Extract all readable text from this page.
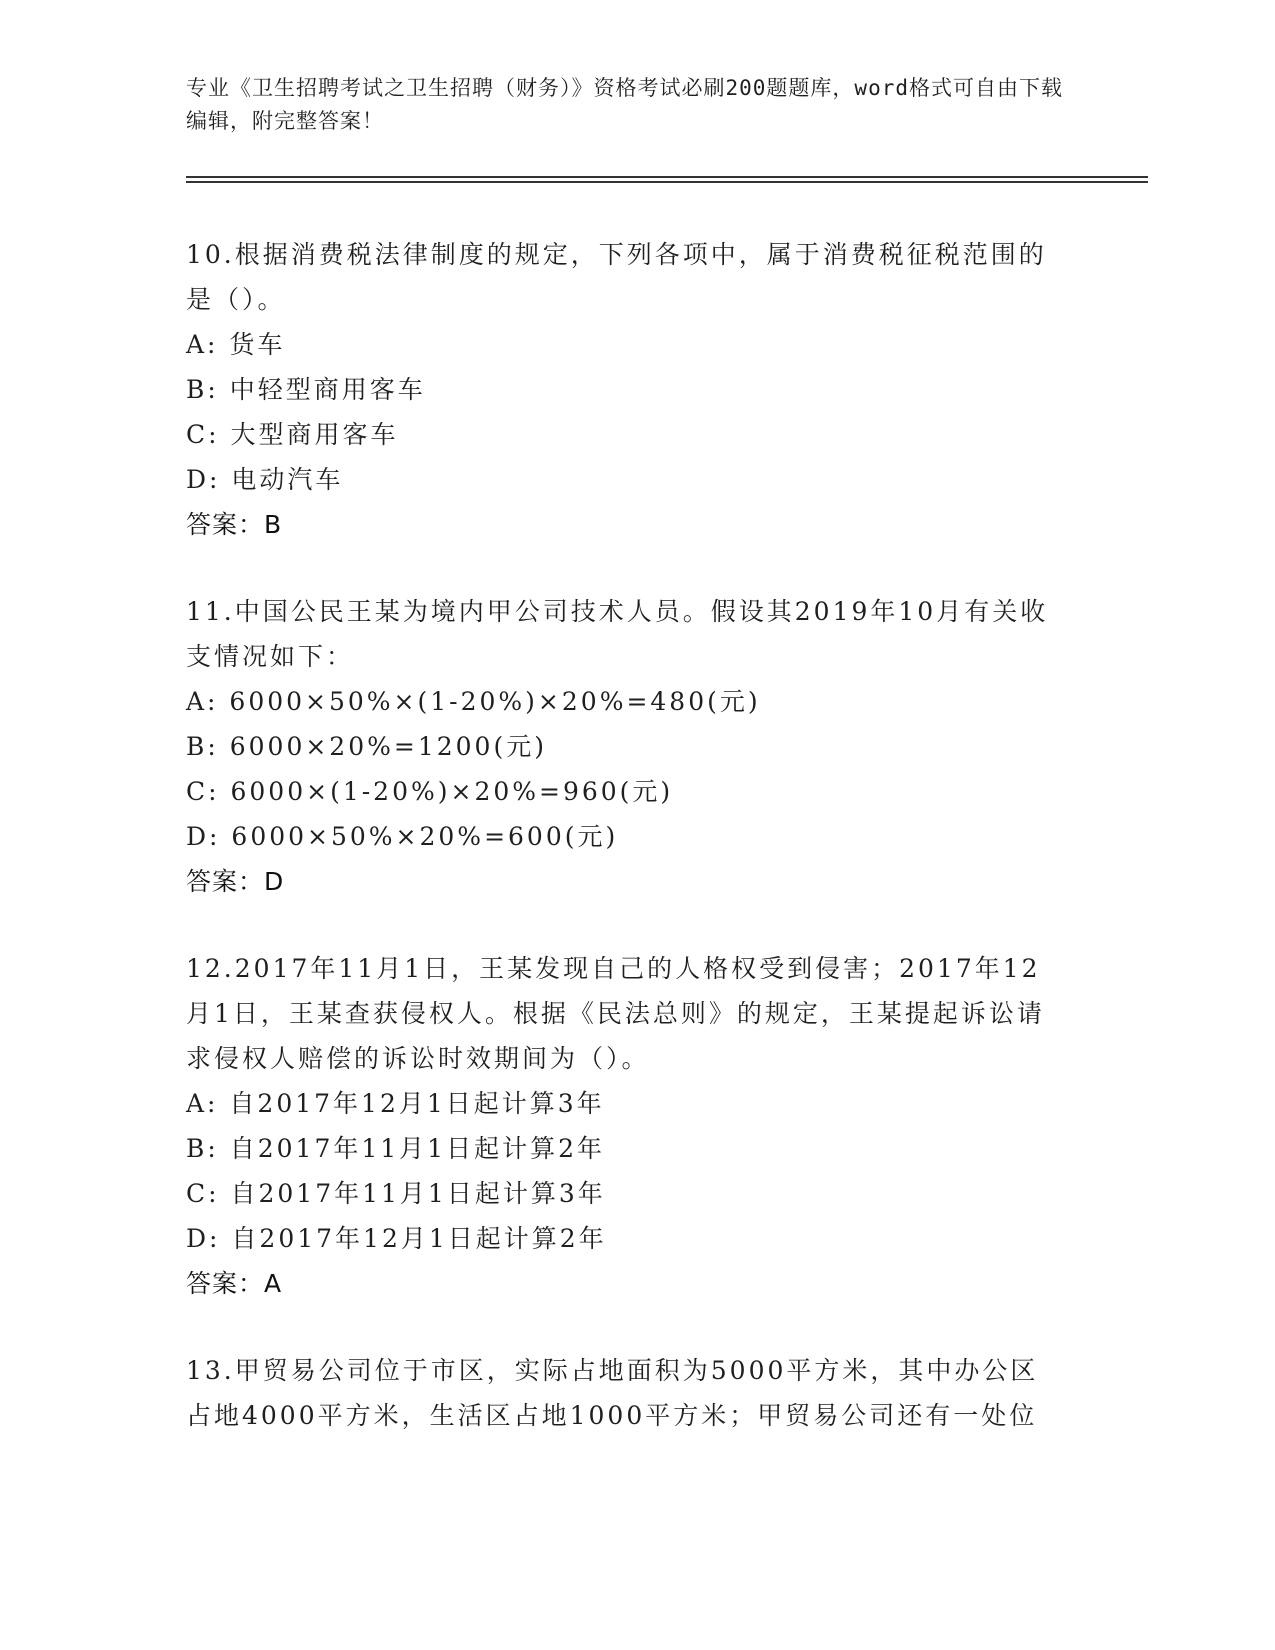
专业《卫生招聘考试之卫生招聘（财务）》资格考试必刷200题题库，word格式可自由下载编辑，附完整答案！
10.根据消费税法律制度的规定，下列各项中，属于消费税征税范围的是（）。
A: 货车
B: 中轻型商用客车
C: 大型商用客车
D: 电动汽车
答案：B
11.中国公民王某为境内甲公司技术人员。假设其2019年10月有关收支情况如下：
A: 6000×50%×(1-20%)×20%=480(元)
B: 6000×20%=1200(元)
C: 6000×(1-20%)×20%=960(元)
D: 6000×50%×20%=600(元)
答案：D
12.2017年11月1日，王某发现自己的人格权受到侵害；2017年12月1日，王某查获侵权人。根据《民法总则》的规定，王某提起诉讼请求侵权人赔偿的诉讼时效期间为（）。
A: 自2017年12月1日起计算3年
B: 自2017年11月1日起计算2年
C: 自2017年11月1日起计算3年
D: 自2017年12月1日起计算2年
答案：A
13.甲贸易公司位于市区，实际占地面积为5000平方米，其中办公区占地4000平方米，生活区占地1000平方米；甲贸易公司还有一处位
